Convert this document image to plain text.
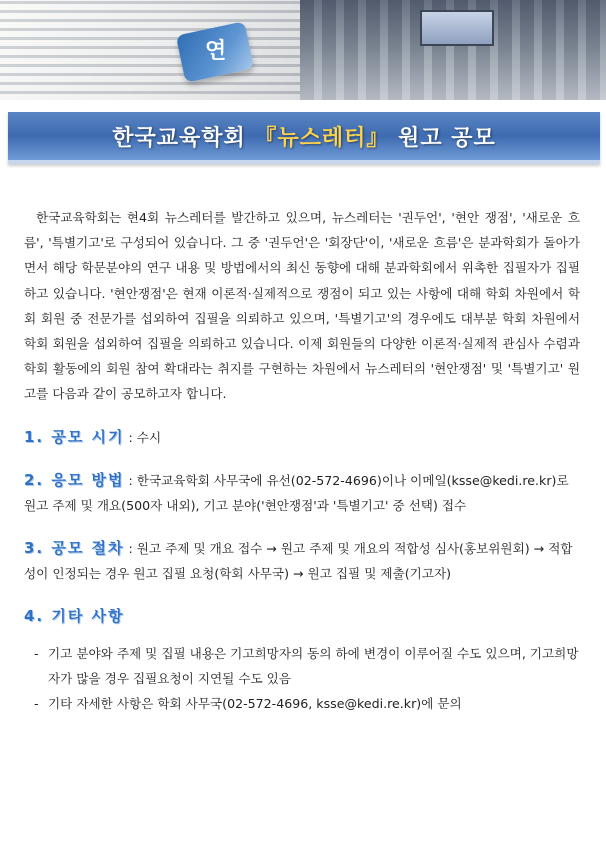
연
한국교육학회 『뉴스레터』 원고 공모

한국교육학회는 현4회 뉴스레터를 발간하고 있으며, 뉴스레터는 '권두언', '현안 쟁점', '새로운 흐름', '특별기고'로 구성되어 있습니다. 그 중 '권두언'은 '회장단'이, '새로운 흐름'은 분과학회가 돌아가면서 해당 학문분야의 연구 내용 및 방법에서의 최신 동향에 대해 분과학회에서 위촉한 집필자가 집필하고 있습니다. '현안쟁점'은 현재 이론적·실제적으로 쟁점이 되고 있는 사항에 대해 학회 차원에서 학회 회원 중 전문가를 섭외하여 집필을 의뢰하고 있으며, '특별기고'의 경우에도 대부분 학회 차원에서 학회 회원을 섭외하여 집필을 의뢰하고 있습니다. 이제 회원들의 다양한 이론적·실제적 관심사 수렴과 학회 활동에의 회원 참여 확대라는 취지를 구현하는 차원에서 뉴스레터의 '현안쟁점' 및 '특별기고' 원고를 다음과 같이 공모하고자 합니다.

1. 공모 시기 : 수시
2. 응모 방법 : 한국교육학회 사무국에 유선(02-572-4696)이나 이메일(ksse@kedi.re.kr)로 원고 주제 및 개요(500자 내외), 기고 분야('현안쟁점'과 '특별기고' 중 선택) 접수
3. 공모 절차 : 원고 주제 및 개요 접수 → 원고 주제 및 개요의 적합성 심사(홍보위원회) → 적합성이 인정되는 경우 원고 집필 요청(학회 사무국) → 원고 집필 및 제출(기고자)
4. 기타 사항
- 기고 분야와 주제 및 집필 내용은 기고희망자의 동의 하에 변경이 이루어질 수도 있으며, 기고희망자가 많을 경우 집필요청이 지연될 수도 있음
- 기타 자세한 사항은 학회 사무국(02-572-4696, ksse@kedi.re.kr)에 문의
